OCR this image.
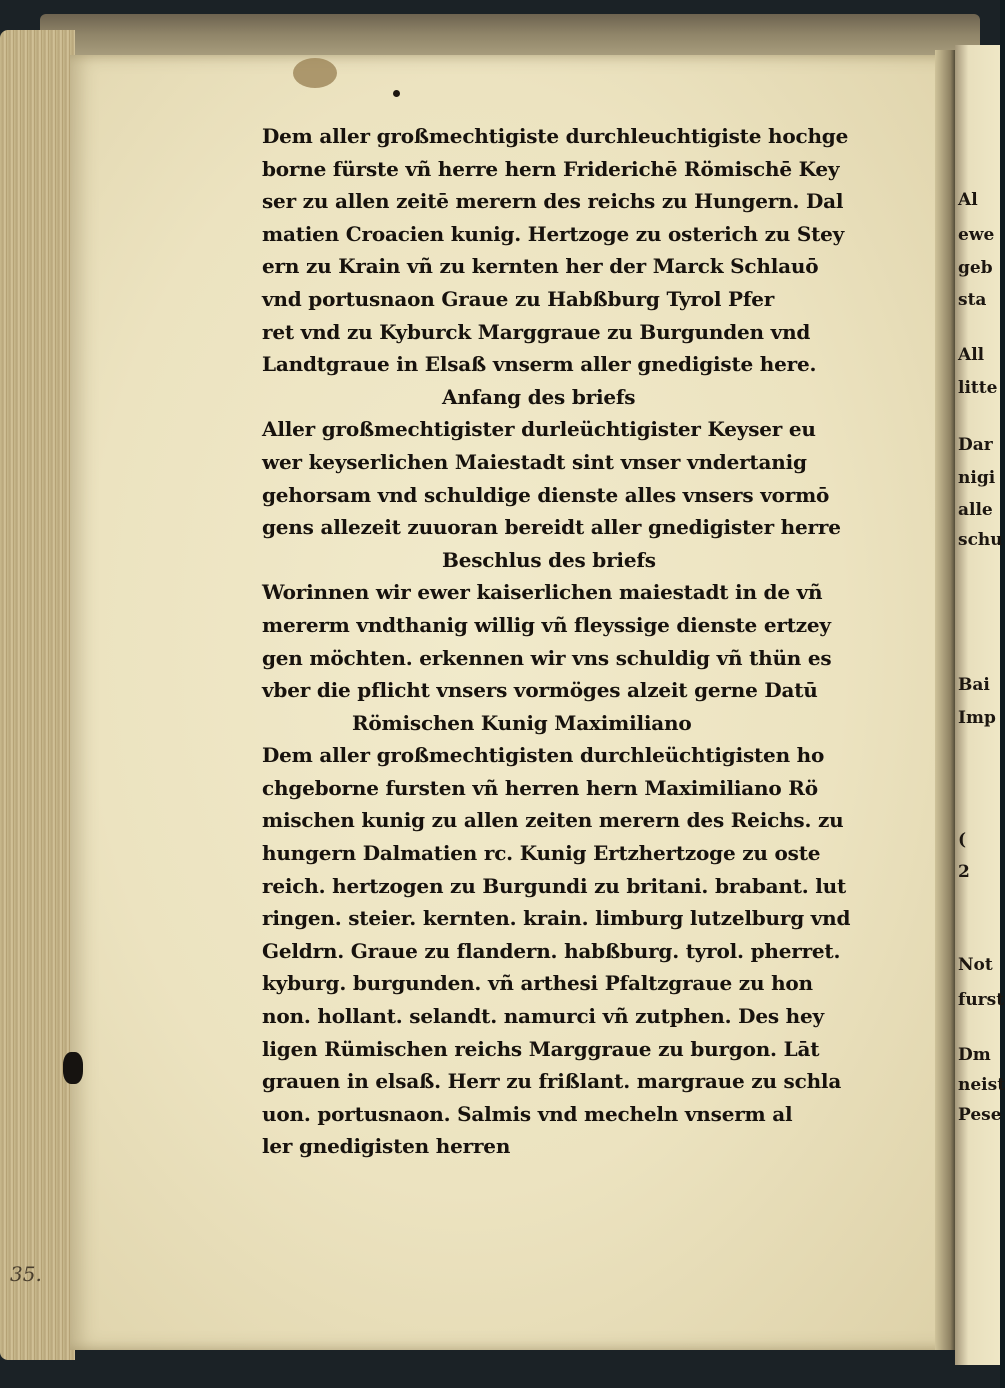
35.
Dem aller großmechtigiste durchleuchtigiste hochge
borne fürste vñ herre hern Friderichē Römischē Key
ser zu allen zeitē merern des reichs zu Hungern. Dal
matien Croacien kunig. Hertzoge zu osterich zu Stey
ern zu Krain vñ zu kernten her der Marck Schlauō
vnd portusnaon Graue zu Habßburg Tyrol Pfer
ret vnd zu Kyburck Marggraue zu Burgunden vnd
Landtgraue in Elsaß vnserm aller gnedigiste here.
Anfang des briefs
Aller großmechtigister durleüchtigister Keyser eu
wer keyserlichen Maiestadt sint vnser vndertanig
gehorsam vnd schuldige dienste alles vnsers vormō
gens allezeit zuuoran bereidt aller gnedigister herre
Beschlus des briefs
Worinnen wir ewer kaiserlichen maiestadt in de vñ
mererm vndthanig willig vñ fleyssige dienste ertzey
gen möchten. erkennen wir vns schuldig vñ thün es
vber die pflicht vnsers vormöges alzeit gerne Datū
Römischen Kunig Maximiliano
Dem aller großmechtigisten durchleüchtigisten ho
chgeborne fursten vñ herren hern Maximiliano Rö
mischen kunig zu allen zeiten merern des Reichs. zu
hungern Dalmatien rc. Kunig Ertzhertzoge zu oste
reich. hertzogen zu Burgundi zu britani. brabant. lut
ringen. steier. kernten. krain. limburg lutzelburg vnd
Geldrn. Graue zu flandern. habßburg. tyrol. pherret.
kyburg. burgunden. vñ arthesi Pfaltzgraue zu hon
non. hollant. selandt. namurci vñ zutphen. Des hey
ligen Rümischen reichs Marggraue zu burgon. Lāt
grauen in elsaß. Herr zu frißlant. margraue zu schla
uon. portusnaon. Salmis vnd mecheln vnserm al
ler gnedigisten herren
Al
ewe
geb
sta
All
litte
Dar
nigi
alle
schu
Bai
Imp
(
2
Not
furst
Dm
neist
Pese
